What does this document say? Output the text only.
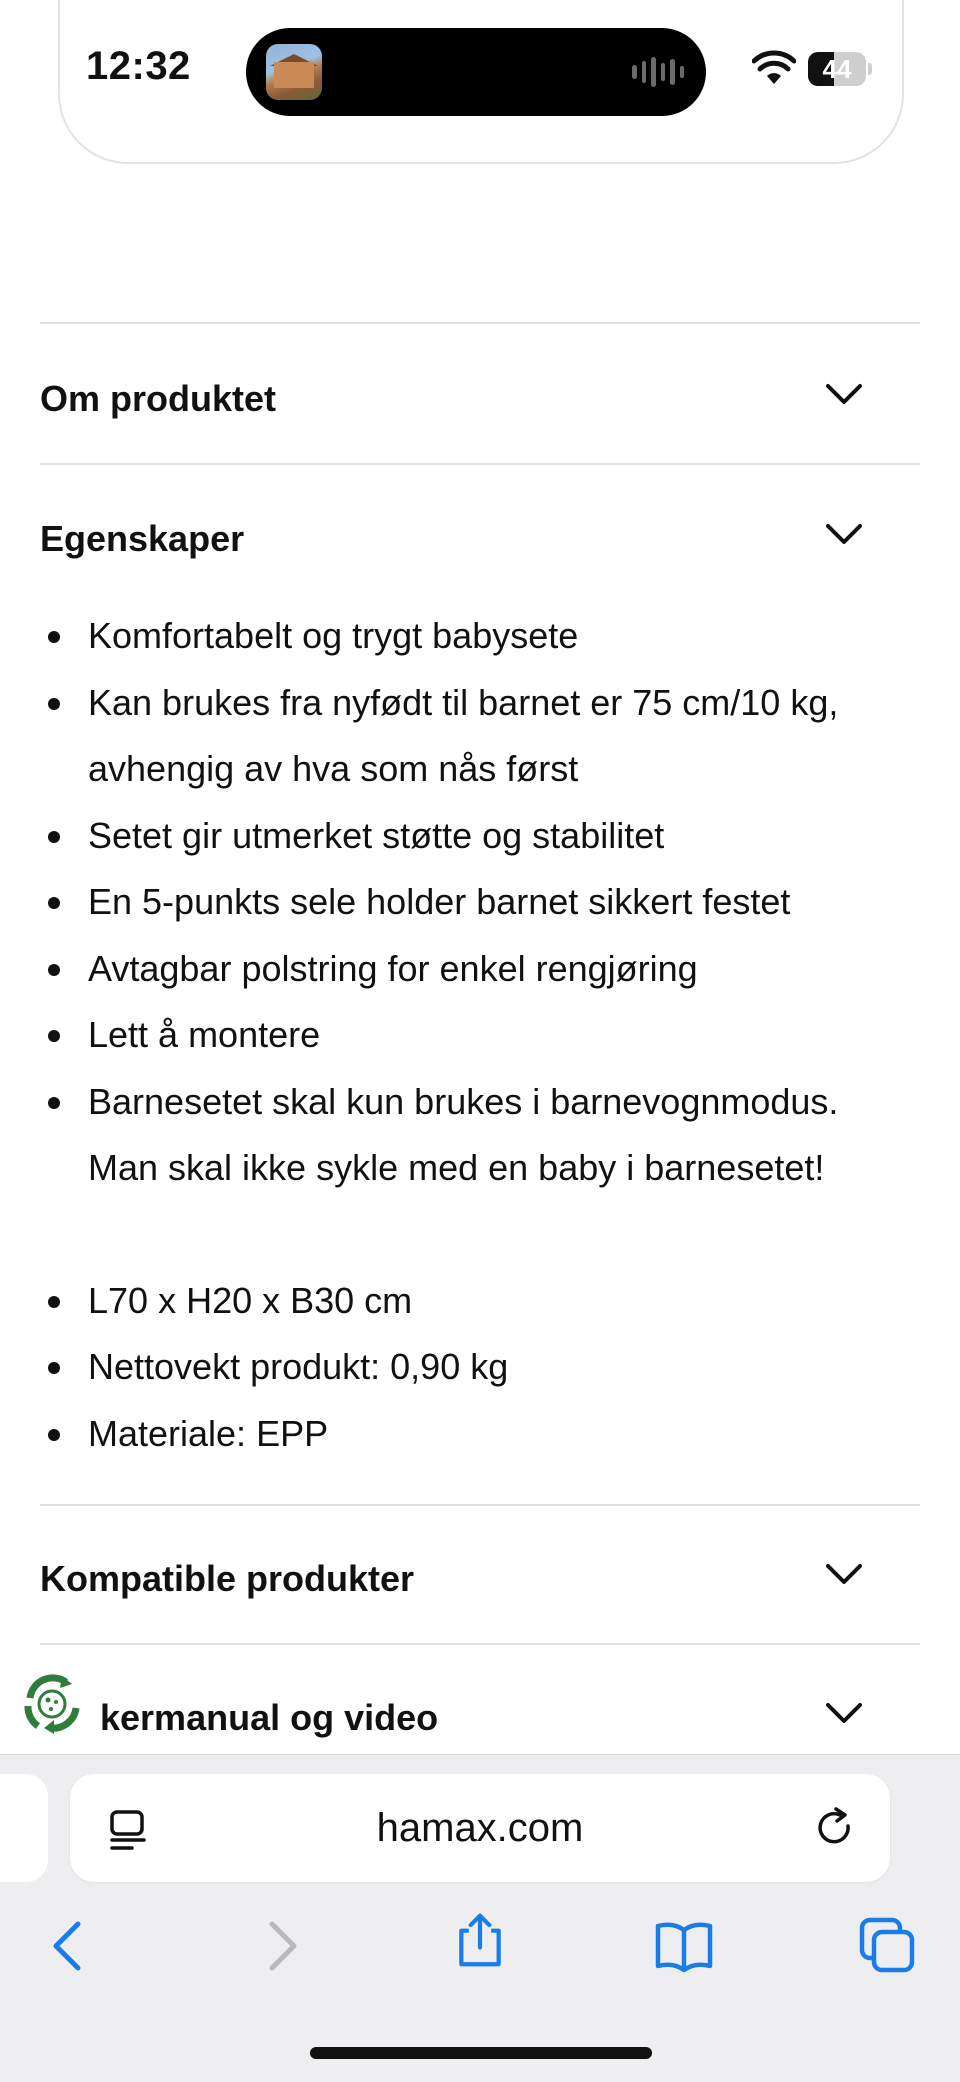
12:32	44
Om produktet
Egenskaper
Komfortabelt og trygt babysete
Kan brukes fra nyfødt til barnet er 75 cm/10 kg, avhengig av hva som nås først
Setet gir utmerket støtte og stabilitet
En 5-punkts sele holder barnet sikkert festet
Avtagbar polstring for enkel rengjøring
Lett å montere
Barnesetet skal kun brukes i barnevognmodus. Man skal ikke sykle med en baby i barnesetet!
L70 x H20 x B30 cm
Nettovekt produkt: 0,90 kg
Materiale: EPP
Kompatible produkter
kermanual og video
hamax.com
